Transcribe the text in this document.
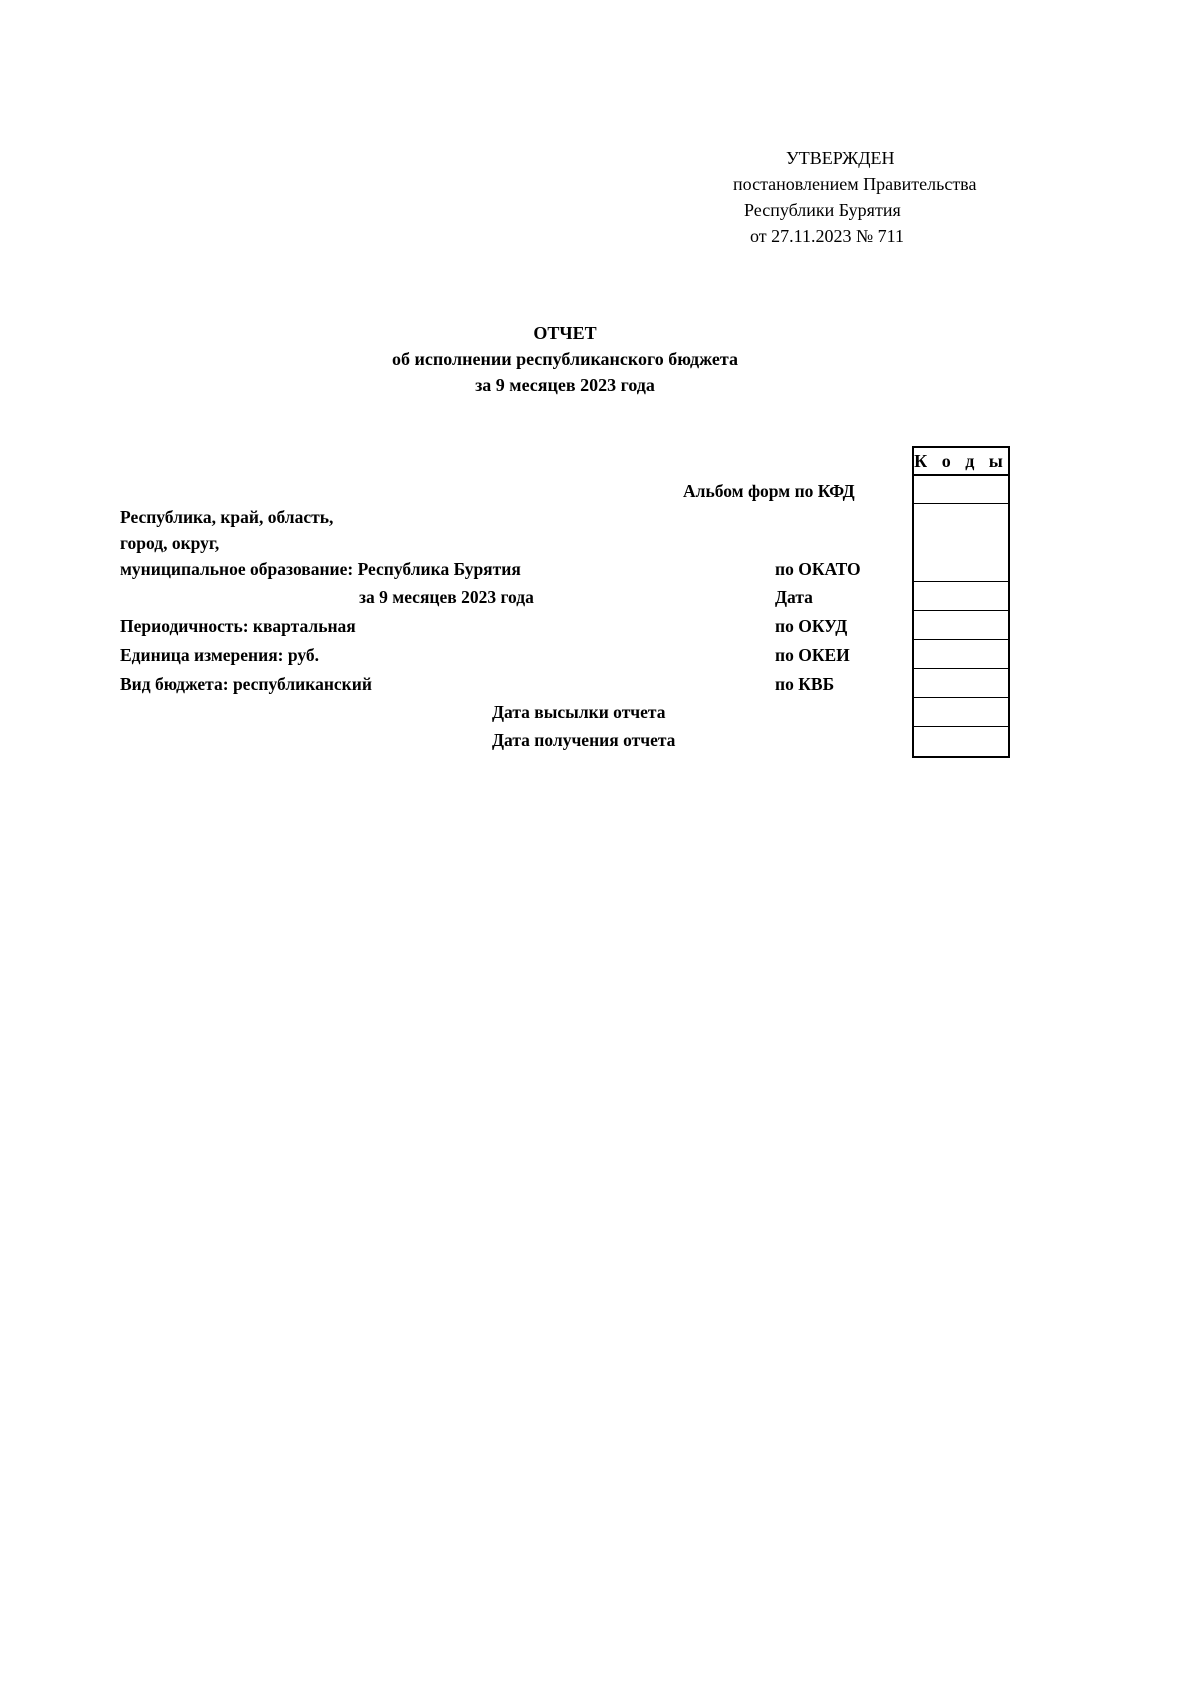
УТВЕРЖДЕН
постановлением Правительства
Республики Бурятия
от 27.11.2023 № 711
ОТЧЕТ
об исполнении республиканского бюджета
за 9 месяцев 2023 года
К о д ы
Альбом форм по КФД
Республика, край, область,
город, округ,
муниципальное образование: Республика Бурятия	по ОКАТО
за 9 месяцев 2023 года	Дата
Периодичность: квартальная	по ОКУД
Единица измерения: руб.	по ОКЕИ
Вид бюджета: республиканский	по КВБ
Дата высылки отчета
Дата получения отчета
